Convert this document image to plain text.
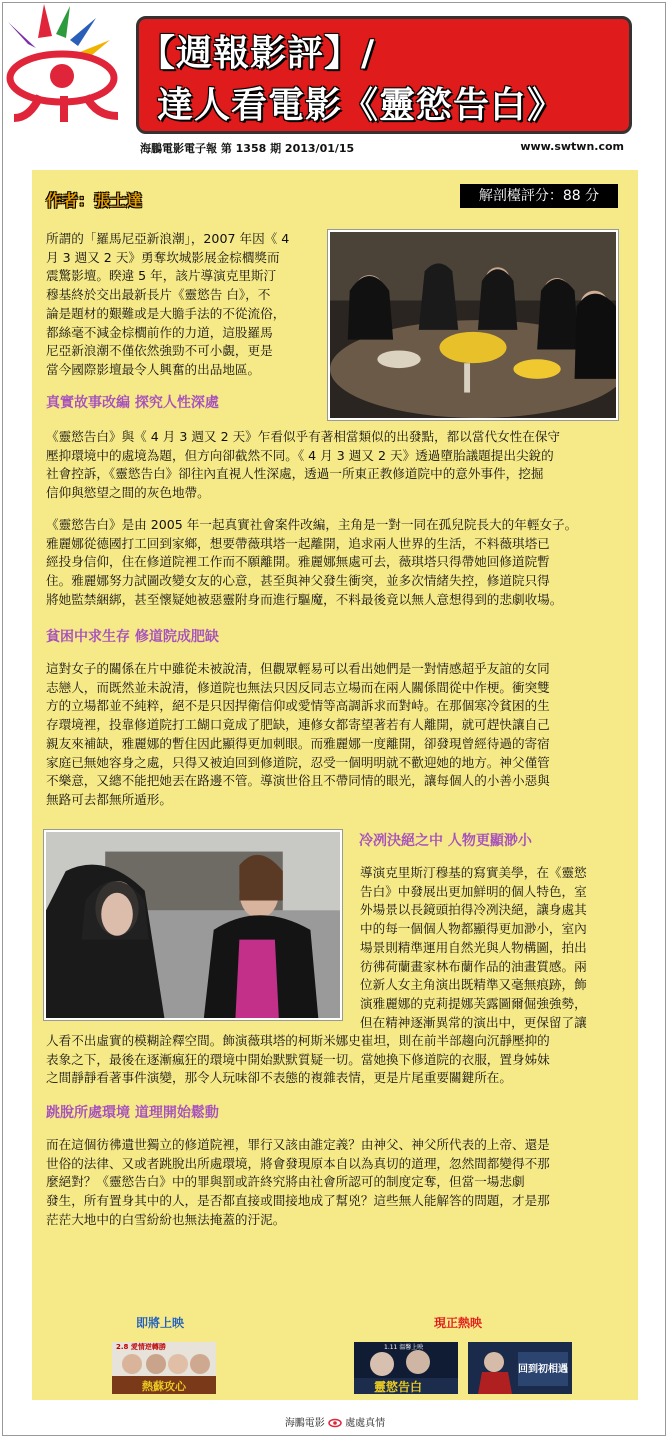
【週報影評】/
達人看電影《靈慾告白》
海鵬電影電子報 第 1358 期 2013/01/15	www.swtwn.com
作者：張士達	解剖檯評分：88 分
所謂的「羅馬尼亞新浪潮」，2007 年因《 4
月 3 週又 2 天》勇奪坎城影展金棕櫚獎而
震驚影壇。睽違 5 年，該片導演克里斯汀
穆基終於交出最新長片《靈慾告 白》，不
論是題材的艱難或是大膽手法的不從流俗，
都絲毫不減金棕櫚前作的力道，這股羅馬
尼亞新浪潮不僅依然強勁不可小覷，更是
當今國際影壇最令人興奮的出品地區。
真實故事改編 探究人性深處
《靈慾告白》與《 4 月 3 週又 2 天》乍看似乎有著相當類似的出發點，都以當代女性在保守
壓抑環境中的處境為題，但方向卻截然不同。《 4 月 3 週又 2 天》透過墮胎議題提出尖銳的
社會控訴，《靈慾告白》卻往內直視人性深處，透過一所東正教修道院中的意外事件，挖掘
信仰與慾望之間的灰色地帶。
《靈慾告白》是由 2005 年一起真實社會案件改編，主角是一對一同在孤兒院長大的年輕女子。
雅麗娜從德國打工回到家鄉，想要帶薇琪塔一起離開，追求兩人世界的生活，不料薇琪塔已
經投身信仰，住在修道院裡工作而不願離開。雅麗娜無處可去，薇琪塔只得帶她回修道院暫
住。雅麗娜努力試圖改變女友的心意，甚至與神父發生衝突，並多次情緒失控，修道院只得
將她監禁綑綁，甚至懷疑她被惡靈附身而進行驅魔，不料最後竟以無人意想得到的悲劇收場。
貧困中求生存 修道院成肥缺
這對女子的關係在片中雖從未被說清，但觀眾輕易可以看出她們是一對情感超乎友誼的女同
志戀人，而既然並未說清，修道院也無法只因反同志立場而在兩人關係間從中作梗。衝突雙
方的立場都並不純粹，絕不是只因捍衛信仰或愛情等高調訴求而對峙。在那個寒冷貧困的生
存環境裡，投靠修道院打工餬口竟成了肥缺，連修女都寄望著若有人離開，就可趕快讓自己
親友來補缺，雅麗娜的暫住因此顯得更加刺眼。而雅麗娜一度離開，卻發現曾經待過的寄宿
家庭已無她容身之處，只得又被迫回到修道院，忍受一個明明就不歡迎她的地方。神父僅管
不樂意，又總不能把她丟在路邊不管。導演世俗且不帶同情的眼光，讓每個人的小善小惡與
無路可去都無所遁形。
冷冽決絕之中 人物更顯渺小
導演克里斯汀穆基的寫實美學，在《靈慾
告白》中發展出更加鮮明的個人特色，室
外場景以長鏡頭拍得冷冽決絕，讓身處其
中的每一個個人物都顯得更加渺小，室內
場景則精準運用自然光與人物構圖，拍出
彷彿荷蘭畫家林布蘭作品的油畫質感。兩
位新人女主角演出既精準又毫無痕跡，飾
演雅麗娜的克莉提娜芙露圖爾倔強強勢，
但在精神逐漸異常的演出中，更保留了讓
人看不出虛實的模糊詮釋空間。飾演薇琪塔的柯斯米娜史崔坦，則在前半部趨向沉靜壓抑的
表象之下，最後在逐漸瘋狂的環境中開始默默質疑一切。當她換下修道院的衣服，置身姊妹
之間靜靜看著事件演變，那令人玩味卻不表態的複雜表情，更是片尾重要關鍵所在。
跳脫所處環境 道理開始鬆動
而在這個彷彿遺世獨立的修道院裡，罪行又該由誰定義？由神父、神父所代表的上帝、還是
世俗的法律、又或者跳脫出所處環境，將會發現原本自以為真切的道理，忽然間都變得不那
麼絕對？《靈慾告白》中的罪與罰或許終究將由社會所認可的制度定奪，但當一場悲劇
發生，所有置身其中的人，是否都直接或間接地成了幫兇？這些無人能解答的問題，才是那
茫茫大地中的白雪紛紛也無法掩蓋的汙泥。
即將上映	現正熱映
2.8 愛情逆轉勝
熱蘇攻心
1.11 溫馨上映
靈慾告白
回到初相遇
海鵬電影 處處真情
